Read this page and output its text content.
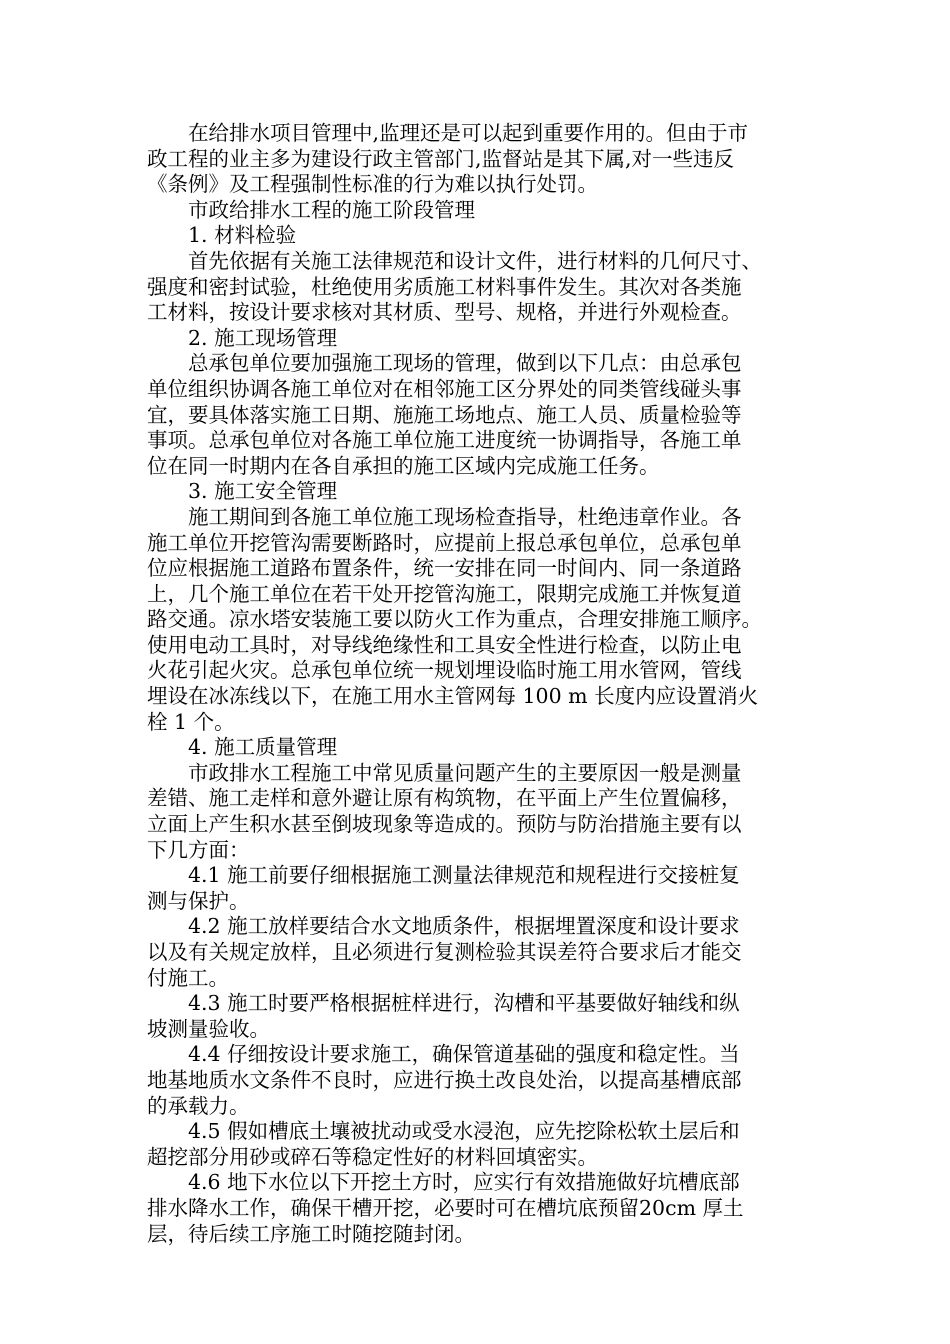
在给排水项目管理中,监理还是可以起到重要作用的。但由于市
政工程的业主多为建设行政主管部门,监督站是其下属,对一些违反
《条例》及工程强制性标准的行为难以执行处罚。
市政给排水工程的施工阶段管理
1. 材料检验
首先依据有关施工法律规范和设计文件，进行材料的几何尺寸、
强度和密封试验，杜绝使用劣质施工材料事件发生。其次对各类施
工材料，按设计要求核对其材质、型号、规格，并进行外观检查。
2. 施工现场管理
总承包单位要加强施工现场的管理，做到以下几点：由总承包
单位组织协调各施工单位对在相邻施工区分界处的同类管线碰头事
宜，要具体落实施工日期、施施工场地点、施工人员、质量检验等
事项。总承包单位对各施工单位施工进度统一协调指导，各施工单
位在同一时期内在各自承担的施工区域内完成施工任务。
3. 施工安全管理
施工期间到各施工单位施工现场检查指导，杜绝违章作业。各
施工单位开挖管沟需要断路时，应提前上报总承包单位，总承包单
位应根据施工道路布置条件，统一安排在同一时间内、同一条道路
上，几个施工单位在若干处开挖管沟施工，限期完成施工并恢复道
路交通。凉水塔安装施工要以防火工作为重点，合理安排施工顺序。
使用电动工具时，对导线绝缘性和工具安全性进行检查，以防止电
火花引起火灾。总承包单位统一规划埋设临时施工用水管网，管线
埋设在冰冻线以下，在施工用水主管网每 100 m 长度内应设置消火
栓 1 个。
4. 施工质量管理
市政排水工程施工中常见质量问题产生的主要原因一般是测量
差错、施工走样和意外避让原有构筑物，在平面上产生位置偏移，
立面上产生积水甚至倒坡现象等造成的。预防与防治措施主要有以
下几方面：
4.1 施工前要仔细根据施工测量法律规范和规程进行交接桩复
测与保护。
4.2 施工放样要结合水文地质条件，根据埋置深度和设计要求
以及有关规定放样，且必须进行复测检验其误差符合要求后才能交
付施工。
4.3 施工时要严格根据桩样进行，沟槽和平基要做好轴线和纵
坡测量验收。
4.4 仔细按设计要求施工，确保管道基础的强度和稳定性。当
地基地质水文条件不良时，应进行换土改良处治，以提高基槽底部
的承载力。
4.5 假如槽底土壤被扰动或受水浸泡，应先挖除松软土层后和
超挖部分用砂或碎石等稳定性好的材料回填密实。
4.6 地下水位以下开挖土方时，应实行有效措施做好坑槽底部
排水降水工作，确保干槽开挖，必要时可在槽坑底预留20cm 厚土
层，待后续工序施工时随挖随封闭。
